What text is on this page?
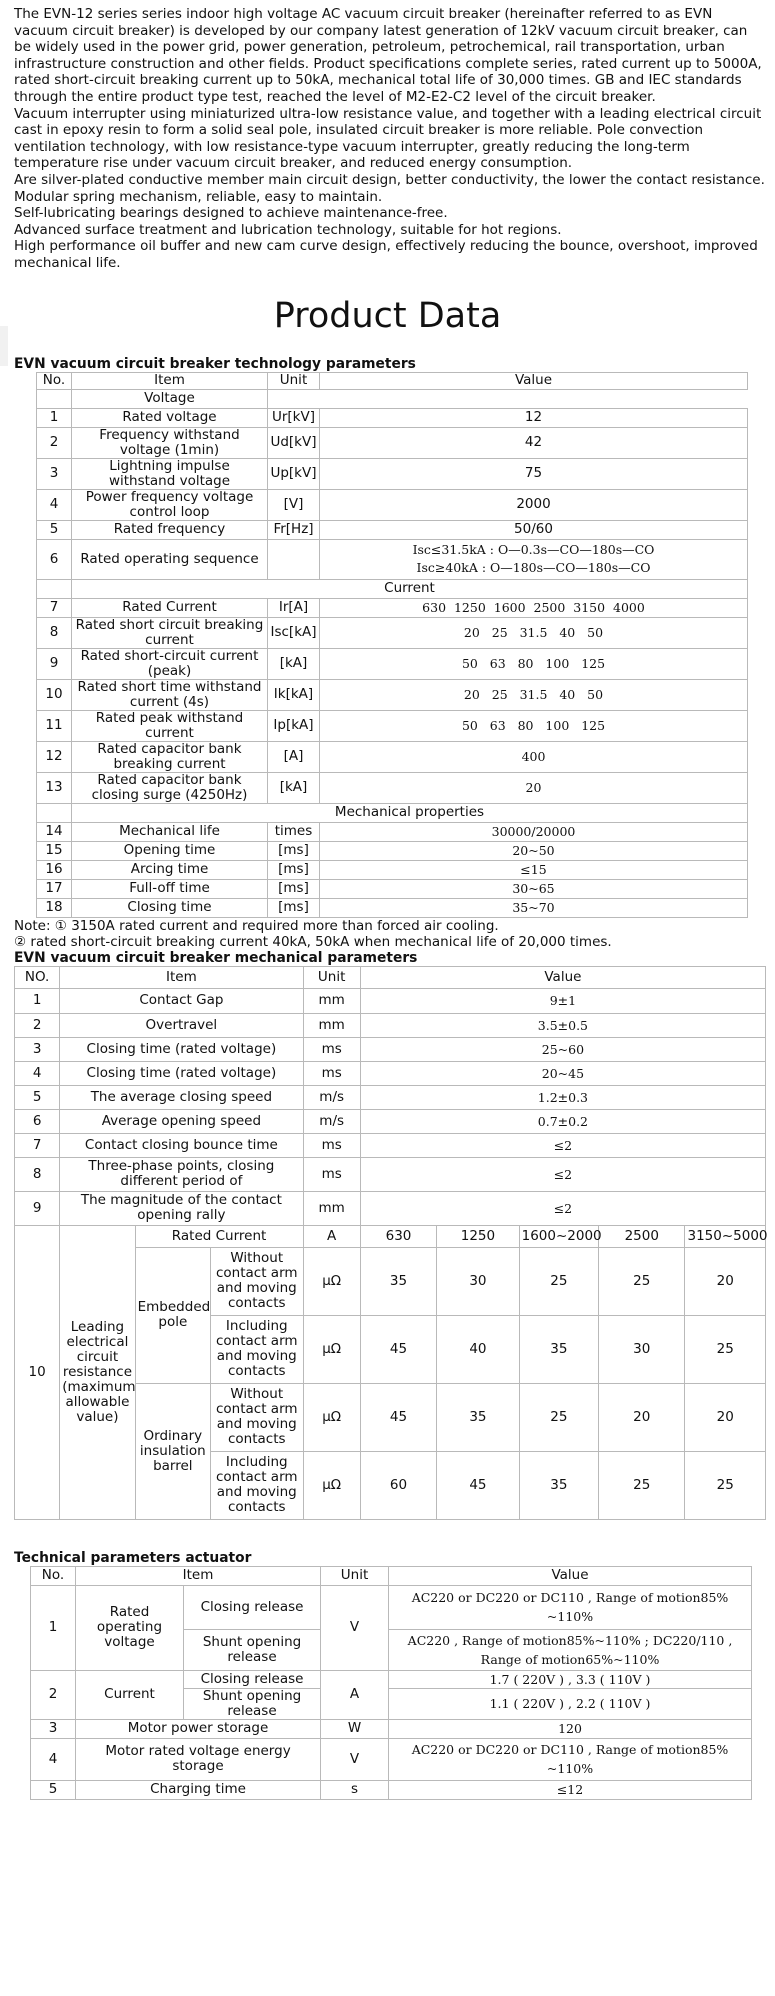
The EVN-12 series series indoor high voltage AC vacuum circuit breaker (hereinafter referred to as EVN vacuum circuit breaker) is developed by our company latest generation of 12kV vacuum circuit breaker, can be widely used in the power grid, power generation, petroleum, petrochemical, rail transportation, urban infrastructure construction and other fields. Product specifications complete series, rated current up to 5000A, rated short-circuit breaking current up to 50kA, mechanical total life of 30,000 times. GB and IEC standards through the entire product type test, reached the level of M2-E2-C2 level of the circuit breaker.

Vacuum interrupter using miniaturized ultra-low resistance value, and together with a leading electrical circuit cast in epoxy resin to form a solid seal pole, insulated circuit breaker is more reliable. Pole convection ventilation technology, with low resistance-type vacuum interrupter, greatly reducing the long-term temperature rise under vacuum circuit breaker, and reduced energy consumption.

Are silver-plated conductive member main circuit design, better conductivity, the lower the contact resistance.

Modular spring mechanism, reliable, easy to maintain.

Self-lubricating bearings designed to achieve maintenance-free.

Advanced surface treatment and lubrication technology, suitable for hot regions.

High performance oil buffer and new cam curve design, effectively reducing the bounce, overshoot, improved mechanical life.

Product Data
EVN vacuum circuit breaker technology parameters
No.	Item	Unit	Value
	Voltage		
1	Rated voltage	Ur[kV]	12
2	Frequency withstand voltage (1min)	Ud[kV]	42
3	Lightning impulse withstand voltage	Up[kV]	75
4	Power frequency voltage control loop	[V]	2000
5	Rated frequency	Fr[Hz]	50/60
6	Rated operating sequence		Isc≤31.5kA : O—0.3s—CO—180s—CO
Isc≥40kA : O—180s—CO—180s—CO

	Current		
7	Rated Current	Ir[A]	630  1250  1600  2500  3150  4000
8	Rated short circuit breaking current	Isc[kA]	20   25   31.5   40   50
9	Rated short-circuit current (peak)	[kA]	50   63   80   100   125
10	Rated short time withstand current (4s)	Ik[kA]	20   25   31.5   40   50
11	Rated peak withstand current	Ip[kA]	50   63   80   100   125
12	Rated capacitor bank breaking current	[A]	400
13	Rated capacitor bank closing surge (4250Hz)	[kA]	20
	Mechanical properties		
14	Mechanical life	times	30000/20000
15	Opening time	[ms]	20~50
16	Arcing time	[ms]	≤15
17	Full-off time	[ms]	30~65
18	Closing time	[ms]	35~70
Note: ① 3150A rated current and required more than forced air cooling.
② rated short-circuit breaking current 40kA, 50kA when mechanical life of 20,000 times.
EVN vacuum circuit breaker mechanical parameters
NO.	Item			Unit	Value				
1	Contact Gap			mm	9±1				
2	Overtravel			mm	3.5±0.5				
3	Closing time (rated voltage)			ms	25~60				
4	Closing time (rated voltage)			ms	20~45				
5	The average closing speed			m/s	1.2±0.3				
6	Average opening speed			m/s	0.7±0.2				
7	Contact closing bounce time			ms	≤2				
8	Three-phase points, closing different period of			ms	≤2				
9	The magnitude of the contact opening rally			mm	≤2				
10	Leading electrical circuit resistance (maximum allowable value)	Rated Current		A	630	1250	1600~2000	2500	3150~5000
		Embedded pole	Without contact arm and moving contacts	μΩ	35	30	25	25	20
			Including contact arm and moving contacts	μΩ	45	40	35	30	25
		Ordinary insulation barrel	Without contact arm and moving contacts	μΩ	45	35	25	20	20
			Including contact arm and moving contacts	μΩ	60	45	35	25	25
Technical parameters actuator
No.	Item		Unit	Value
1	Rated operating voltage	Closing release	V	AC220 or DC220 or DC110 , Range of motion85% ~110%
		Shunt opening release		AC220 , Range of motion85%~110% ; DC220/110 , Range of motion65%~110%
2	Current	Closing release	A	1.7 ( 220V ) , 3.3 ( 110V )
		Shunt opening release		1.1 ( 220V ) , 2.2 ( 110V )
3	Motor power storage		W	120
4	Motor rated voltage energy storage		V	AC220 or DC220 or DC110 , Range of motion85% ~110%
5	Charging time		s	≤12
